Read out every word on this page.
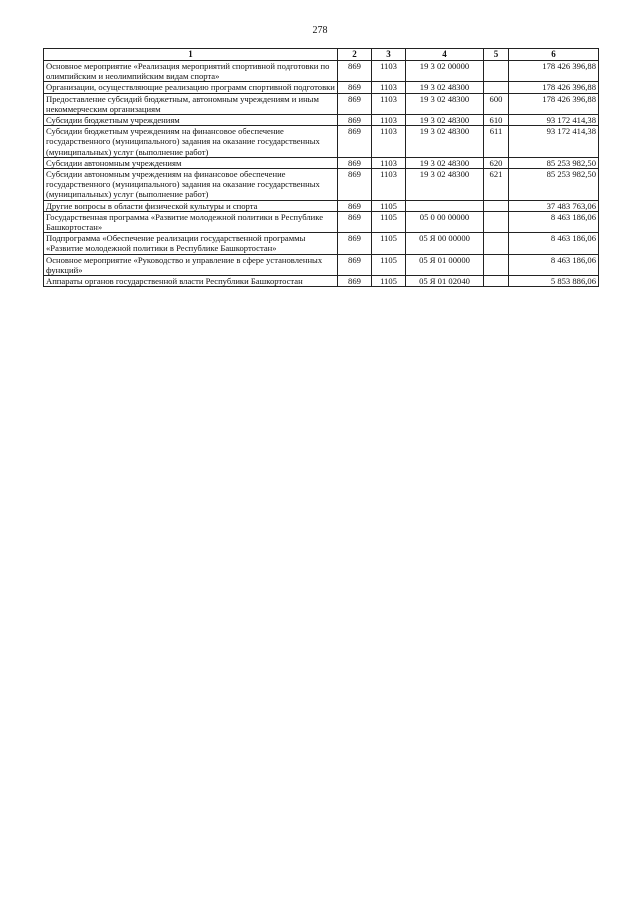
278
1	2	3	4	5	6
Основное мероприятие «Реализация мероприятий спортивной подготовки по олимпийским и неолимпийским видам спорта»	869	1103	19 3 02 00000		178 426 396,88
Организации, осуществляющие реализацию программ спортивной подготовки	869	1103	19 3 02 48300		178 426 396,88
Предоставление субсидий бюджетным, автономным учреждениям и иным некоммерческим организациям	869	1103	19 3 02 48300	600	178 426 396,88
Субсидии бюджетным учреждениям	869	1103	19 3 02 48300	610	93 172 414,38
Субсидии бюджетным учреждениям на финансовое обеспечение государственного (муниципального) задания на оказание государственных (муниципальных) услуг (выполнение работ)	869	1103	19 3 02 48300	611	93 172 414,38
Субсидии автономным учреждениям	869	1103	19 3 02 48300	620	85 253 982,50
Субсидии автономным учреждениям на финансовое обеспечение государственного (муниципального) задания на оказание государственных (муниципальных) услуг (выполнение работ)	869	1103	19 3 02 48300	621	85 253 982,50
Другие вопросы в области физической культуры и спорта	869	1105			37 483 763,06
Государственная программа «Развитие молодежной политики в Республике Башкортостан»	869	1105	05 0 00 00000		8 463 186,06
Подпрограмма «Обеспечение реализации государственной программы «Развитие молодежной политики в Республике Башкортостан»	869	1105	05 Я 00 00000		8 463 186,06
Основное мероприятие «Руководство и управление в сфере установленных функций»	869	1105	05 Я 01 00000		8 463 186,06
Аппараты органов государственной власти Республики Башкортостан	869	1105	05 Я 01 02040		5 853 886,06
